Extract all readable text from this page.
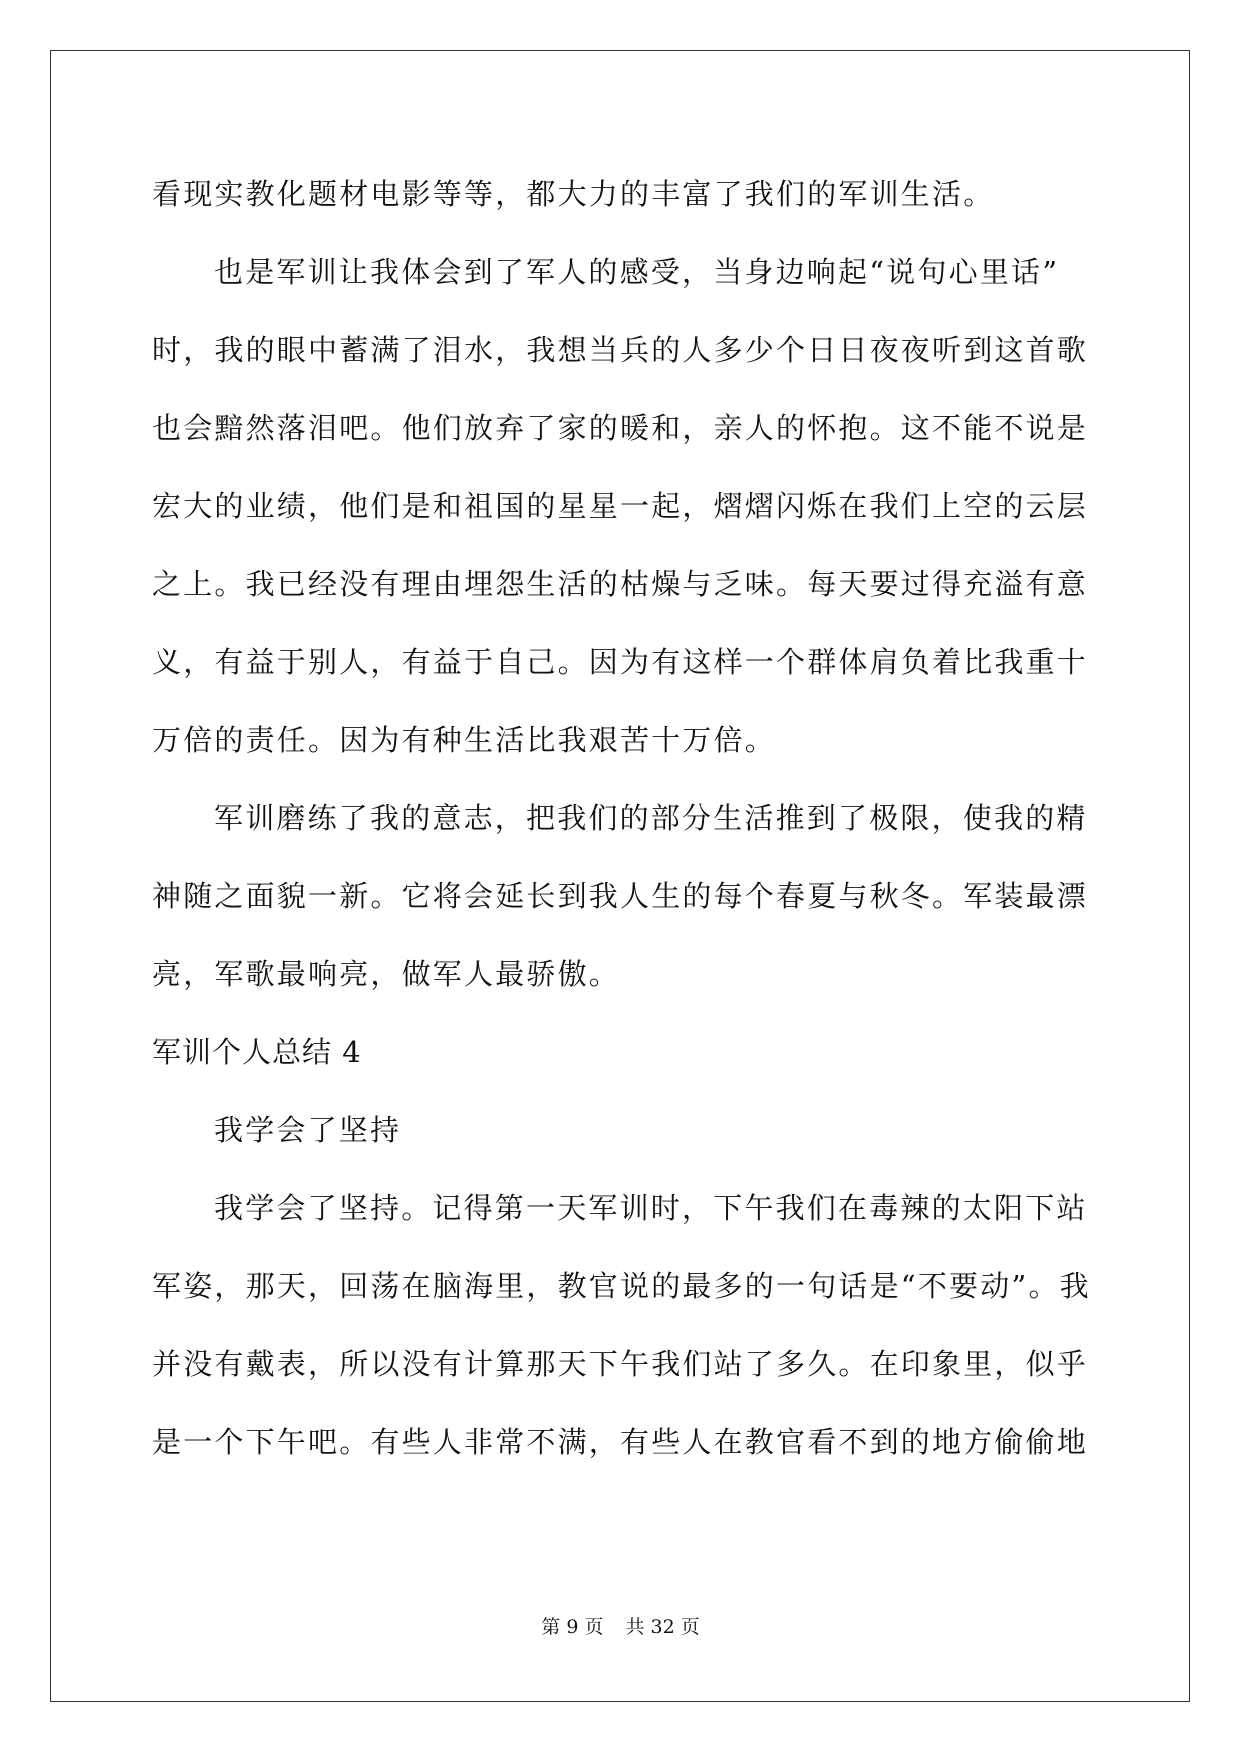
看现实教化题材电影等等，都大力的丰富了我们的军训生活。
也是军训让我体会到了军人的感受，当身边响起“说句心里话”
时，我的眼中蓄满了泪水，我想当兵的人多少个日日夜夜听到这首歌
也会黯然落泪吧。他们放弃了家的暖和，亲人的怀抱。这不能不说是
宏大的业绩，他们是和祖国的星星一起，熠熠闪烁在我们上空的云层
之上。我已经没有理由埋怨生活的枯燥与乏味。每天要过得充溢有意
义，有益于别人，有益于自己。因为有这样一个群体肩负着比我重十
万倍的责任。因为有种生活比我艰苦十万倍。
军训磨练了我的意志，把我们的部分生活推到了极限，使我的精
神随之面貌一新。它将会延长到我人生的每个春夏与秋冬。军装最漂
亮，军歌最响亮，做军人最骄傲。
军训个人总结 4
我学会了坚持
我学会了坚持。记得第一天军训时，下午我们在毒辣的太阳下站
军姿，那天，回荡在脑海里，教官说的最多的一句话是“不要动”。我
并没有戴表，所以没有计算那天下午我们站了多久。在印象里，似乎
是一个下午吧。有些人非常不满，有些人在教官看不到的地方偷偷地
第 9 页 共 32 页
